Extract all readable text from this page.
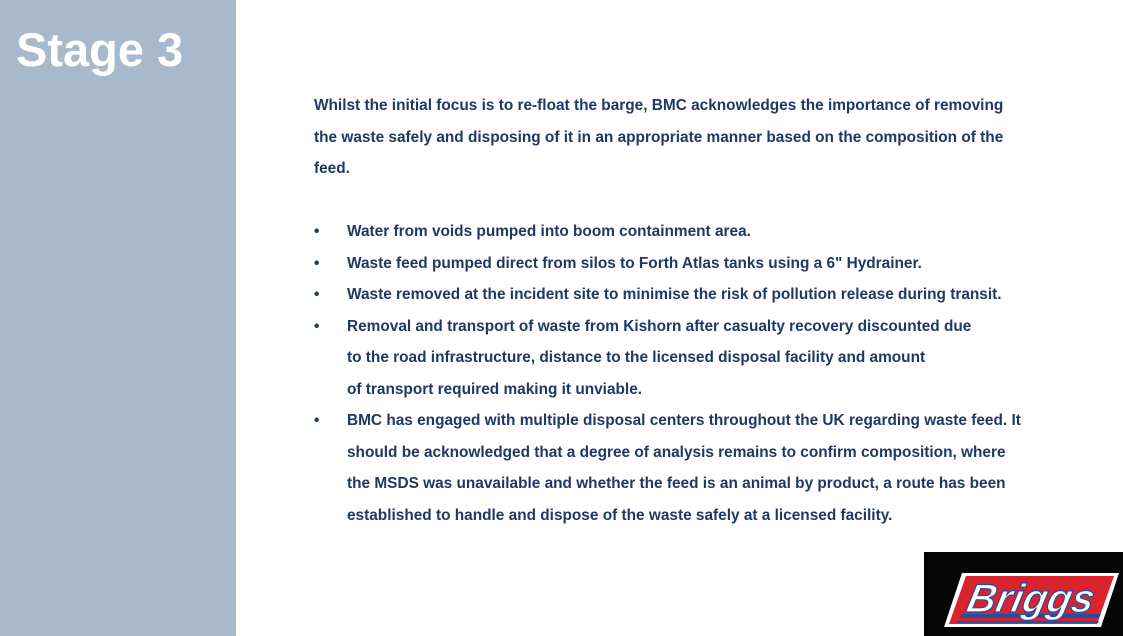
Stage 3

Whilst the initial focus is to re-float the barge, BMC acknowledges the importance of removing
the waste safely and disposing of it in an appropriate manner based on the composition of the
feed.

•	Water from voids pumped into boom containment area.
•	Waste feed pumped direct from silos to Forth Atlas tanks using a 6" Hydrainer.
•	Waste removed at the incident site to minimise the risk of pollution release during transit.
•	Removal and transport of waste from Kishorn after casualty recovery discounted due
to the road infrastructure, distance to the licensed disposal facility and amount
of transport required making it unviable.
•	BMC has engaged with multiple disposal centers throughout the UK regarding waste feed. It
should be acknowledged that a degree of analysis remains to confirm composition, where
the MSDS was unavailable and whether the feed is an animal by product, a route has been
established to handle and dispose of the waste safely at a licensed facility.
Briggs
